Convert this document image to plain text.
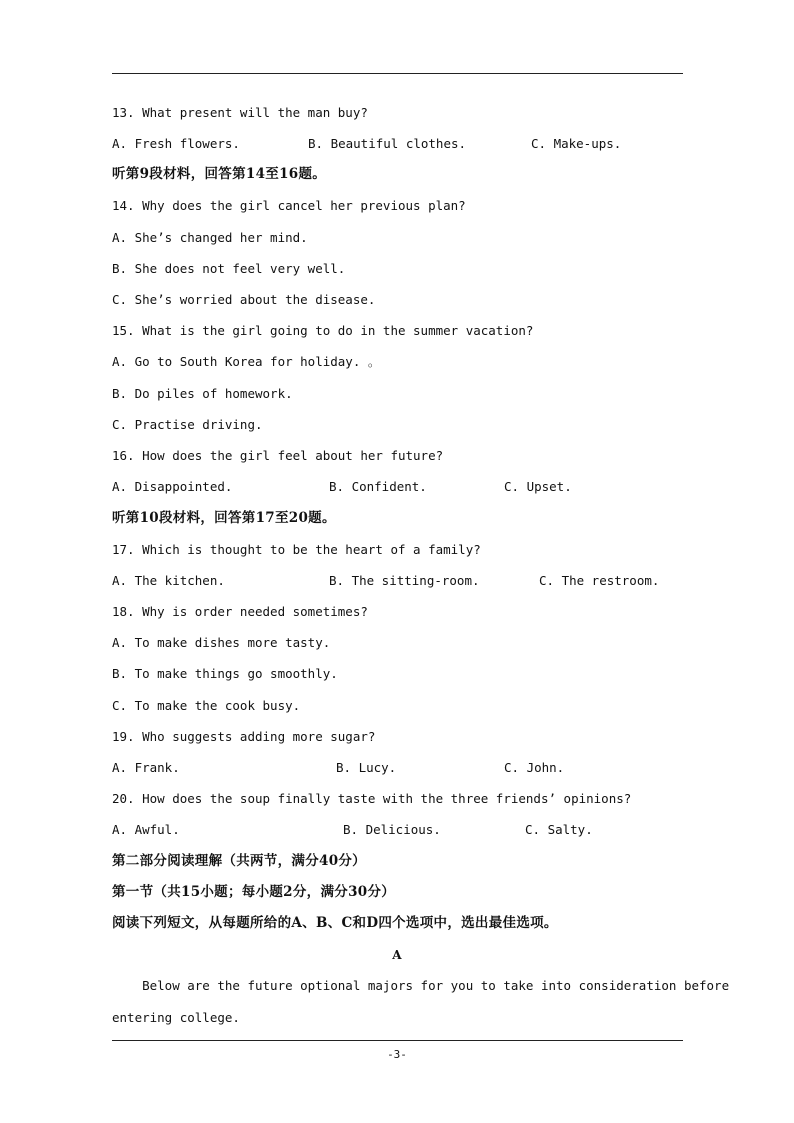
13. What present will the man buy?
A. Fresh flowers.	B. Beautiful clothes.	C. Make-ups.
听第9段材料，回答第14至16题。
14. Why does the girl cancel her previous plan?
A. She’s changed her mind.
B. She does not feel very well.
C. She’s worried about the disease.
15. What is the girl going to do in the summer vacation?
A. Go to South Korea for holiday. 。
B. Do piles of homework.
C. Practise driving.
16. How does the girl feel about her future?
A. Disappointed.	B. Confident.	C. Upset.
听第10段材料，回答第17至20题。
17. Which is thought to be the heart of a family?
A. The kitchen.	B. The sitting-room.	C. The restroom.
18. Why is order needed sometimes?
A. To make dishes more tasty.
B. To make things go smoothly.
C. To make the cook busy.
19. Who suggests adding more sugar?
A. Frank.	B. Lucy.	C. John.
20. How does the soup finally taste with the three friends’ opinions?
A. Awful.	B. Delicious.	C. Salty.
第二部分阅读理解（共两节，满分40分）
第一节（共15小题；每小题2分，满分30分）
阅读下列短文，从每题所给的A、B、C和D四个选项中，选出最佳选项。
A
Below are the future optional majors for you to take into consideration before
entering college.
-3-
